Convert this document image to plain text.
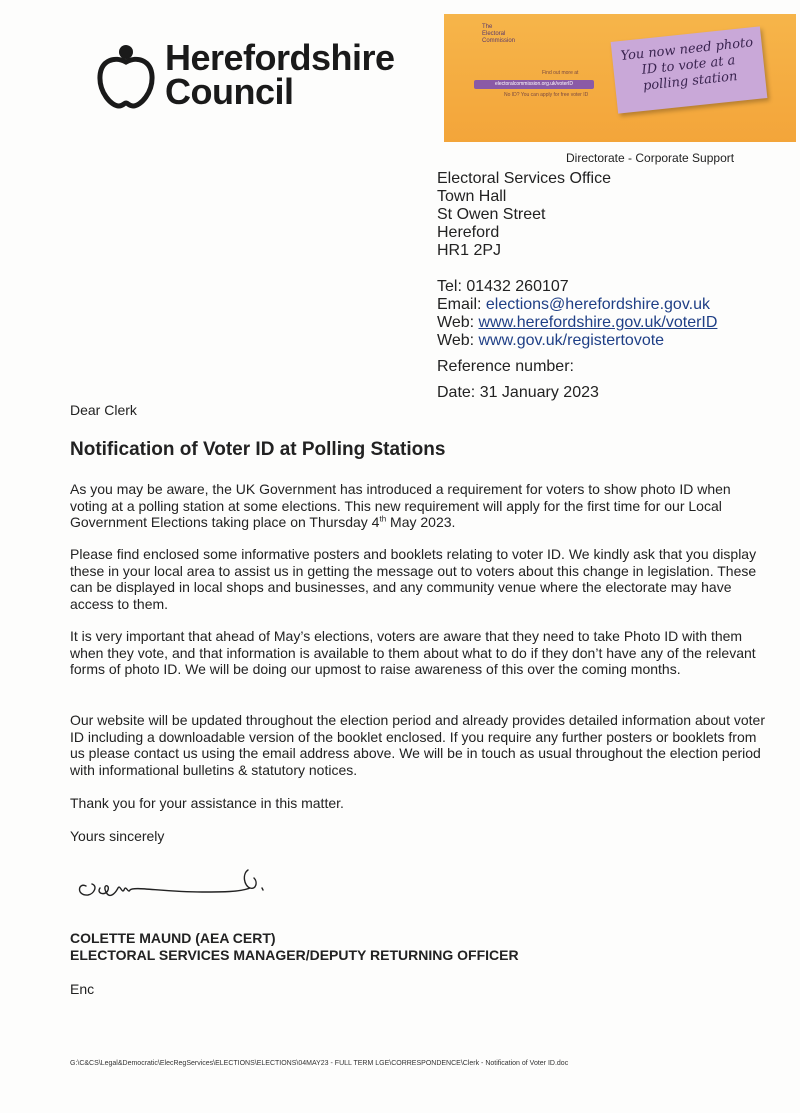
Herefordshire
Council
The
Electoral
Commission
Find out more at
electoralcommission.org.uk/voterID
No ID? You can apply for free voter ID
You now need photo ID to vote at a polling station
Directorate - Corporate Support
Electoral Services Office
Town Hall
St Owen Street
Hereford
HR1 2PJ
Tel: 01432 260107
Email: elections@herefordshire.gov.uk
Web: www.herefordshire.gov.uk/voterID
Web: www.gov.uk/registertovote
Reference number:
Date: 31 January 2023
Dear Clerk
Notification of Voter ID at Polling Stations
As you may be aware, the UK Government has introduced a requirement for voters to show photo ID when voting at a polling station at some elections. This new requirement will apply for the first time for our Local Government Elections taking place on Thursday 4th May 2023.
Please find enclosed some informative posters and booklets relating to voter ID. We kindly ask that you display these in your local area to assist us in getting the message out to voters about this change in legislation. These can be displayed in local shops and businesses, and any community venue where the electorate may have access to them.
It is very important that ahead of May’s elections, voters are aware that they need to take Photo ID with them when they vote, and that information is available to them about what to do if they don’t have any of the relevant forms of photo ID. We will be doing our upmost to raise awareness of this over the coming months.
Our website will be updated throughout the election period and already provides detailed information about voter ID including a downloadable version of the booklet enclosed. If you require any further posters or booklets from us please contact us using the email address above. We will be in touch as usual throughout the election period with informational bulletins & statutory notices.
Thank you for your assistance in this matter.
Yours sincerely
COLETTE MAUND (AEA CERT)
ELECTORAL SERVICES MANAGER/DEPUTY RETURNING OFFICER
Enc
G:\C&CS\Legal&Democratic\ElecRegServices\ELECTIONS\ELECTIONS\04MAY23 - FULL TERM LGE\CORRESPONDENCE\Clerk - Notification of Voter ID.doc
